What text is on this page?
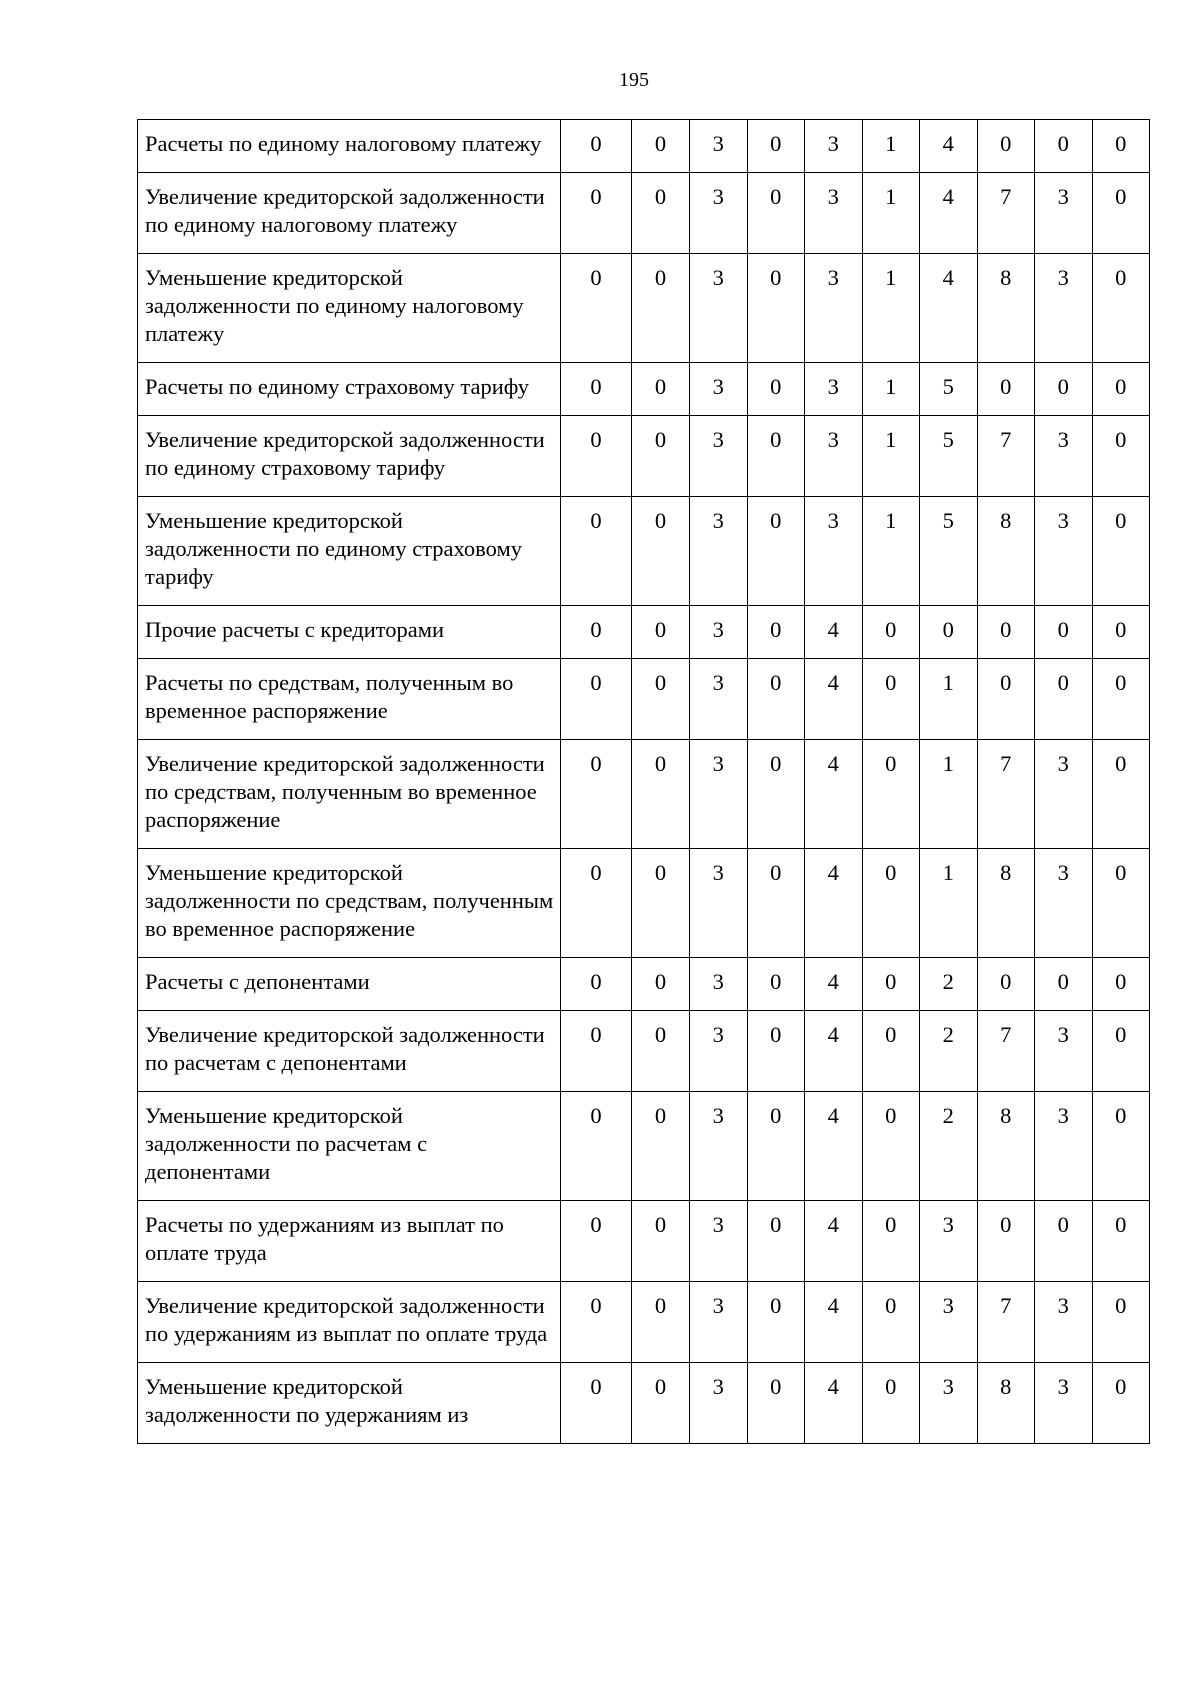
195
Расчеты по единому налоговому платежу	0	0	3	0	3	1	4	0	0	0
Увеличение кредиторской задолженности по единому налоговому платежу	0	0	3	0	3	1	4	7	3	0
Уменьшение кредиторской задолженности по единому налоговому платежу	0	0	3	0	3	1	4	8	3	0
Расчеты по единому страховому тарифу	0	0	3	0	3	1	5	0	0	0
Увеличение кредиторской задолженности по единому страховому тарифу	0	0	3	0	3	1	5	7	3	0
Уменьшение кредиторской задолженности по единому страховому тарифу	0	0	3	0	3	1	5	8	3	0
Прочие расчеты с кредиторами	0	0	3	0	4	0	0	0	0	0
Расчеты по средствам, полученным во временное распоряжение	0	0	3	0	4	0	1	0	0	0
Увеличение кредиторской задолженности по средствам, полученным во временное распоряжение	0	0	3	0	4	0	1	7	3	0
Уменьшение кредиторской задолженности по средствам, полученным во временное распоряжение	0	0	3	0	4	0	1	8	3	0
Расчеты с депонентами	0	0	3	0	4	0	2	0	0	0
Увеличение кредиторской задолженности по расчетам с депонентами	0	0	3	0	4	0	2	7	3	0
Уменьшение кредиторской задолженности по расчетам с депонентами	0	0	3	0	4	0	2	8	3	0
Расчеты по удержаниям из выплат по оплате труда	0	0	3	0	4	0	3	0	0	0
Увеличение кредиторской задолженности по удержаниям из выплат по оплате труда	0	0	3	0	4	0	3	7	3	0
Уменьшение кредиторской задолженности по удержаниям из	0	0	3	0	4	0	3	8	3	0
